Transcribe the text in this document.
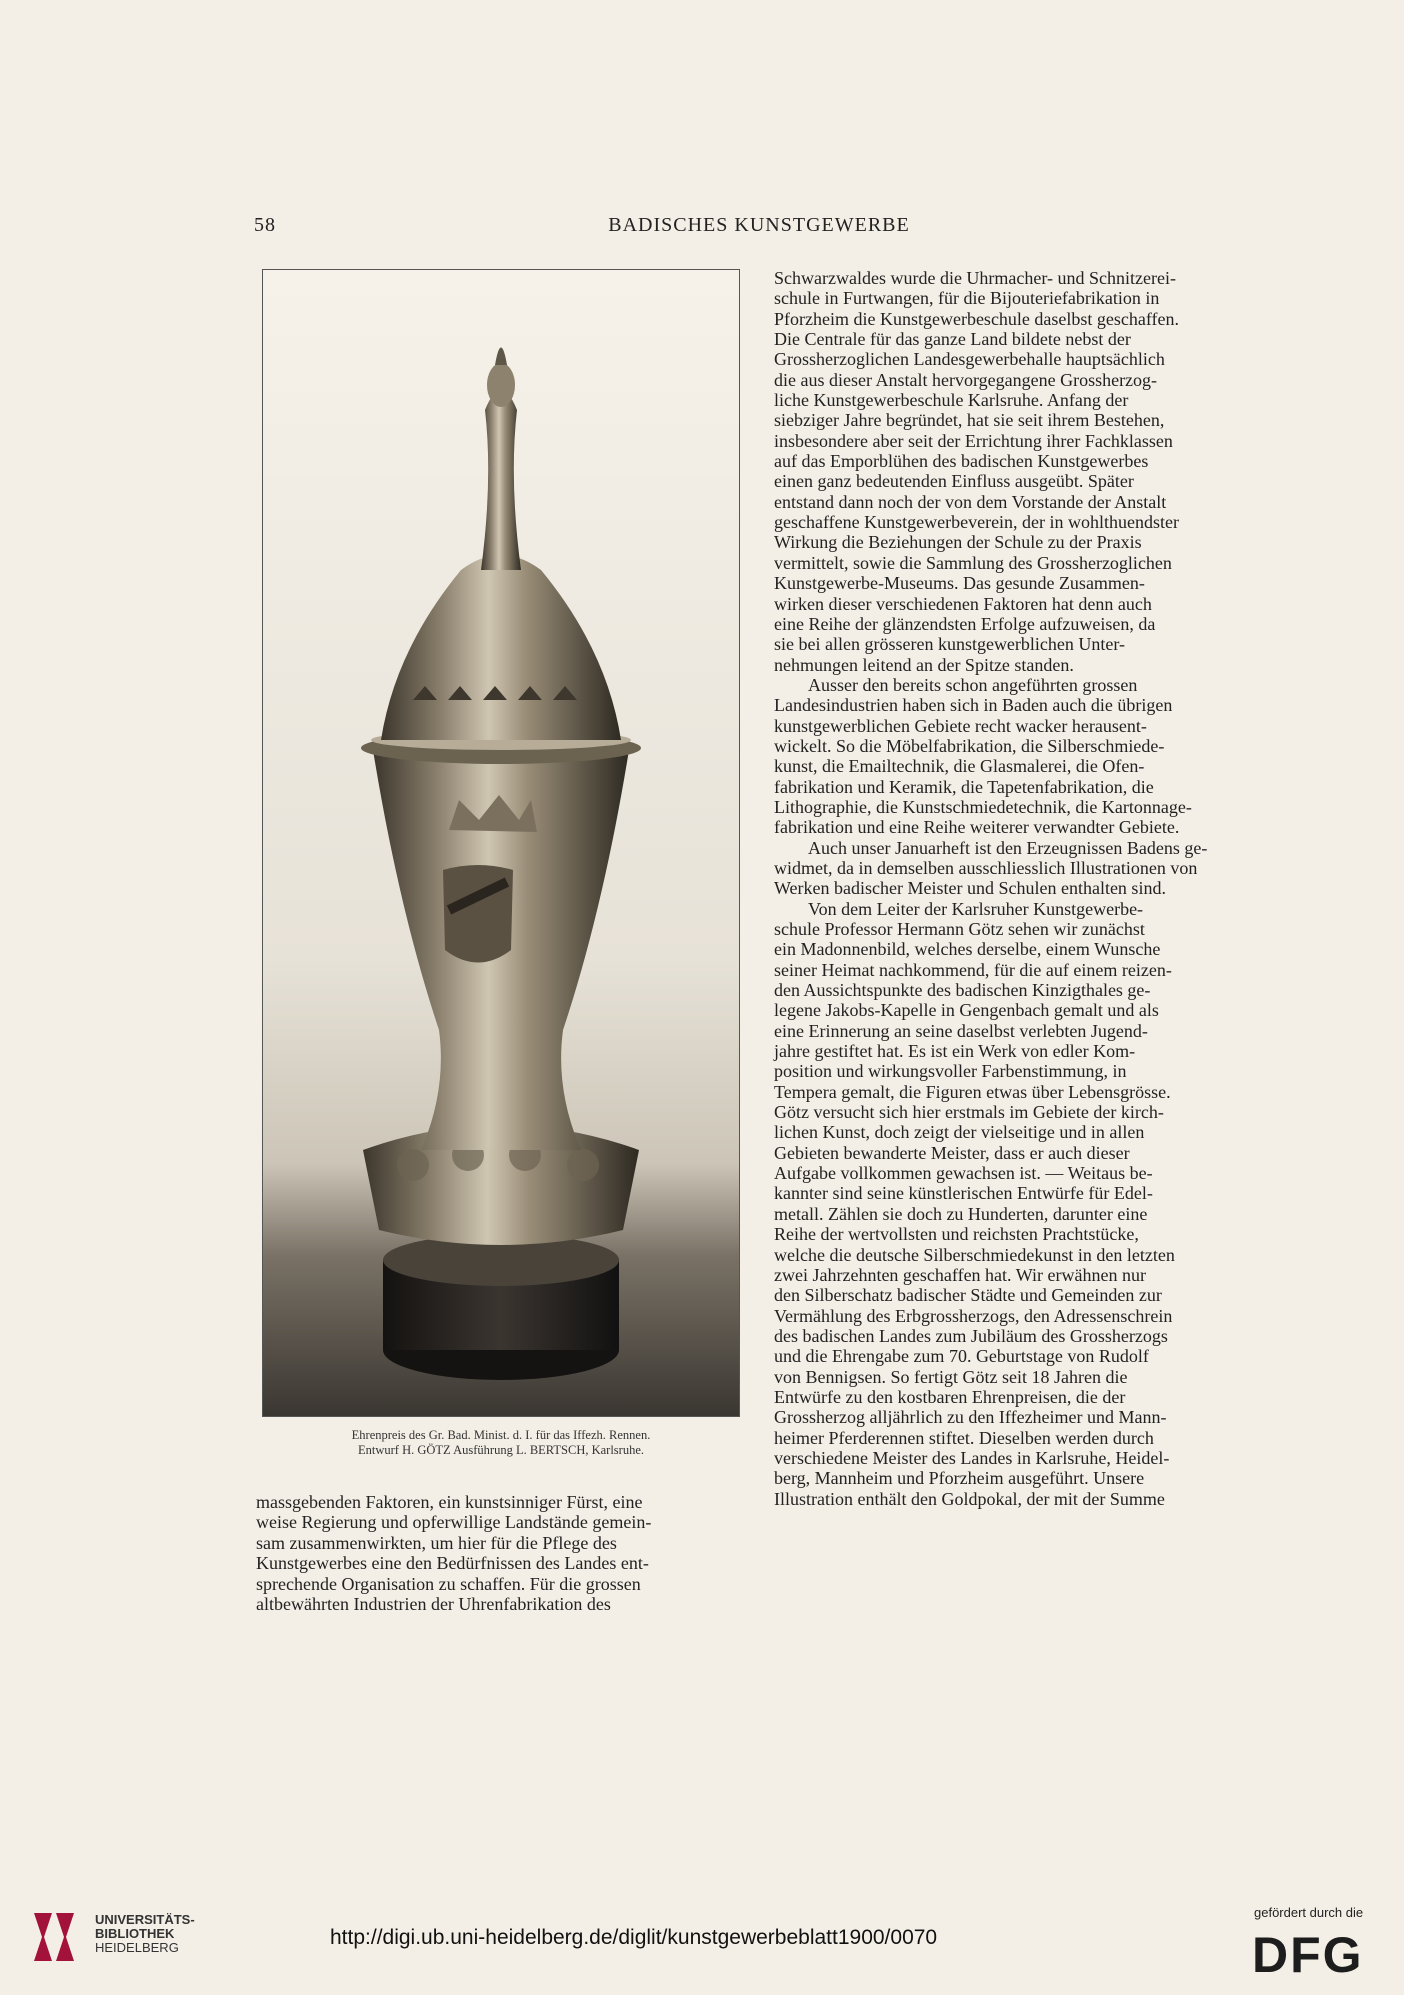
58	BADISCHES KUNSTGEWERBE
Ehrenpreis des Gr. Bad. Minist. d. I. für das Iffezh. Rennen.
Entwurf H. GÖTZ Ausführung L. BERTSCH, Karlsruhe.
massgebenden Faktoren, ein kunstsinniger Fürst, eine
weise Regierung und opferwillige Landstände gemein-
sam zusammenwirkten, um hier für die Pflege des
Kunstgewerbes eine den Bedürfnissen des Landes ent-
sprechende Organisation zu schaffen. Für die grossen
altbewährten Industrien der Uhrenfabrikation des
Schwarzwaldes wurde die Uhrmacher- und Schnitzerei-
schule in Furtwangen, für die Bijouteriefabrikation in
Pforzheim die Kunstgewerbeschule daselbst geschaffen.
Die Centrale für das ganze Land bildete nebst der
Grossherzoglichen Landesgewerbehalle hauptsächlich
die aus dieser Anstalt hervorgegangene Grossherzog-
liche Kunstgewerbeschule Karlsruhe. Anfang der
siebziger Jahre begründet, hat sie seit ihrem Bestehen,
insbesondere aber seit der Errichtung ihrer Fachklassen
auf das Emporblühen des badischen Kunstgewerbes
einen ganz bedeutenden Einfluss ausgeübt. Später
entstand dann noch der von dem Vorstande der Anstalt
geschaffene Kunstgewerbeverein, der in wohlthuendster
Wirkung die Beziehungen der Schule zu der Praxis
vermittelt, sowie die Sammlung des Grossherzoglichen
Kunstgewerbe-Museums. Das gesunde Zusammen-
wirken dieser verschiedenen Faktoren hat denn auch
eine Reihe der glänzendsten Erfolge aufzuweisen, da
sie bei allen grösseren kunstgewerblichen Unter-
nehmungen leitend an der Spitze standen.
Ausser den bereits schon angeführten grossen
Landesindustrien haben sich in Baden auch die übrigen
kunstgewerblichen Gebiete recht wacker herausent-
wickelt. So die Möbelfabrikation, die Silberschmiede-
kunst, die Emailtechnik, die Glasmalerei, die Ofen-
fabrikation und Keramik, die Tapetenfabrikation, die
Lithographie, die Kunstschmiedetechnik, die Kartonnage-
fabrikation und eine Reihe weiterer verwandter Gebiete.
Auch unser Januarheft ist den Erzeugnissen Badens ge-
widmet, da in demselben ausschliesslich Illustrationen von
Werken badischer Meister und Schulen enthalten sind.
Von dem Leiter der Karlsruher Kunstgewerbe-
schule Professor Hermann Götz sehen wir zunächst
ein Madonnenbild, welches derselbe, einem Wunsche
seiner Heimat nachkommend, für die auf einem reizen-
den Aussichtspunkte des badischen Kinzigthales ge-
legene Jakobs-Kapelle in Gengenbach gemalt und als
eine Erinnerung an seine daselbst verlebten Jugend-
jahre gestiftet hat. Es ist ein Werk von edler Kom-
position und wirkungsvoller Farbenstimmung, in
Tempera gemalt, die Figuren etwas über Lebensgrösse.
Götz versucht sich hier erstmals im Gebiete der kirch-
lichen Kunst, doch zeigt der vielseitige und in allen
Gebieten bewanderte Meister, dass er auch dieser
Aufgabe vollkommen gewachsen ist. — Weitaus be-
kannter sind seine künstlerischen Entwürfe für Edel-
metall. Zählen sie doch zu Hunderten, darunter eine
Reihe der wertvollsten und reichsten Prachtstücke,
welche die deutsche Silberschmiedekunst in den letzten
zwei Jahrzehnten geschaffen hat. Wir erwähnen nur
den Silberschatz badischer Städte und Gemeinden zur
Vermählung des Erbgrossherzogs, den Adressenschrein
des badischen Landes zum Jubiläum des Grossherzogs
und die Ehrengabe zum 70. Geburtstage von Rudolf
von Bennigsen. So fertigt Götz seit 18 Jahren die
Entwürfe zu den kostbaren Ehrenpreisen, die der
Grossherzog alljährlich zu den Iffezheimer und Mann-
heimer Pferderennen stiftet. Dieselben werden durch
verschiedene Meister des Landes in Karlsruhe, Heidel-
berg, Mannheim und Pforzheim ausgeführt. Unsere
Illustration enthält den Goldpokal, der mit der Summe
UNIVERSITÄTS-
BIBLIOTHEK
HEIDELBERG	http://digi.ub.uni-heidelberg.de/diglit/kunstgewerbeblatt1900/0070
gefördert durch die
DFG
